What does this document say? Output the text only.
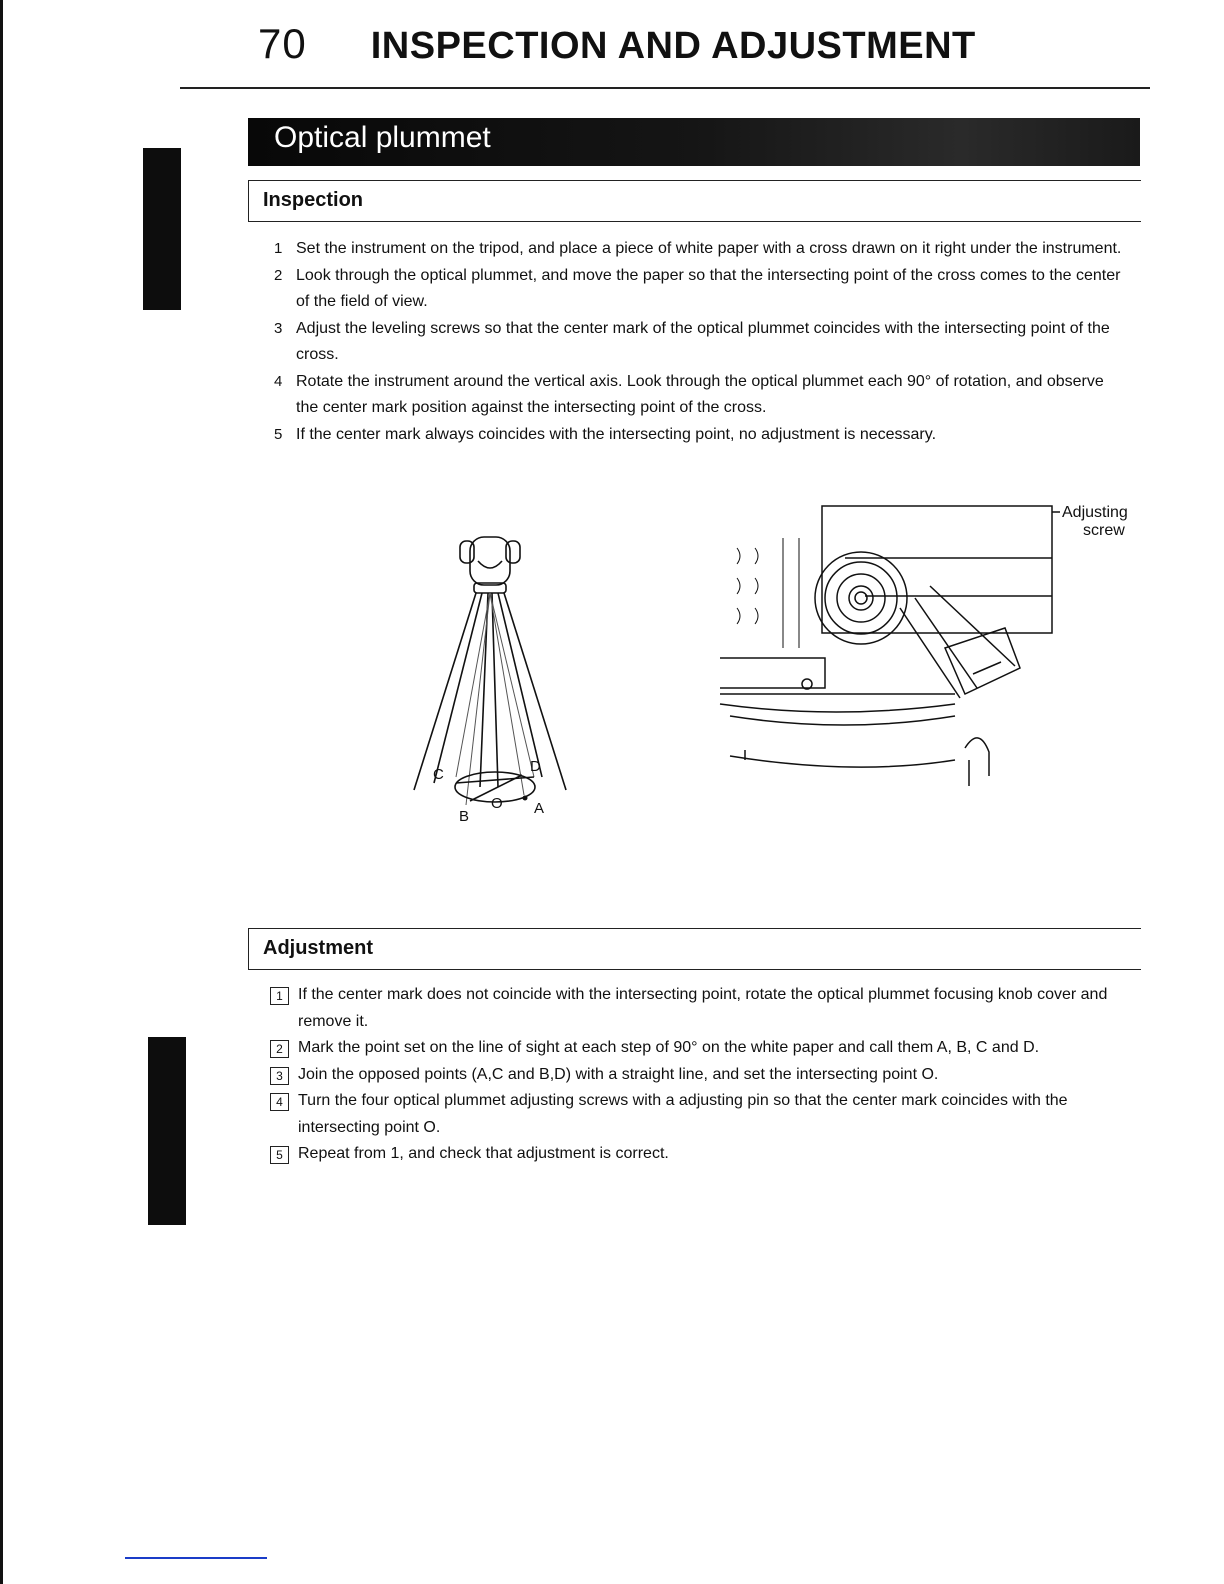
70 INSPECTION AND ADJUSTMENT
Optical plummet
Inspection
1 Set the instrument on the tripod, and place a piece of white paper with a cross drawn on it right under the instrument.
2 Look through the optical plummet, and move the paper so that the intersecting point of the cross comes to the center of the field of view.
3 Adjust the leveling screws so that the center mark of the optical plummet coincides with the intersecting point of the cross.
4 Rotate the instrument around the vertical axis. Look through the optical plummet each 90° of rotation, and observe the center mark position against the intersecting point of the cross.
5 If the center mark always coincides with the intersecting point, no adjustment is necessary.
C	D
B
O A
Adjusting
screw
Adjustment
1 If the center mark does not coincide with the intersecting point, rotate the optical plummet focusing knob cover and remove it.
2 Mark the point set on the line of sight at each step of 90° on the white paper and call them A, B, C and D.
3 Join the opposed points (A,C and B,D) with a straight line, and set the intersecting point O.
4 Turn the four optical plummet adjusting screws with a adjusting pin so that the center mark coincides with the intersecting point O.
5 Repeat from 1, and check that adjustment is correct.
